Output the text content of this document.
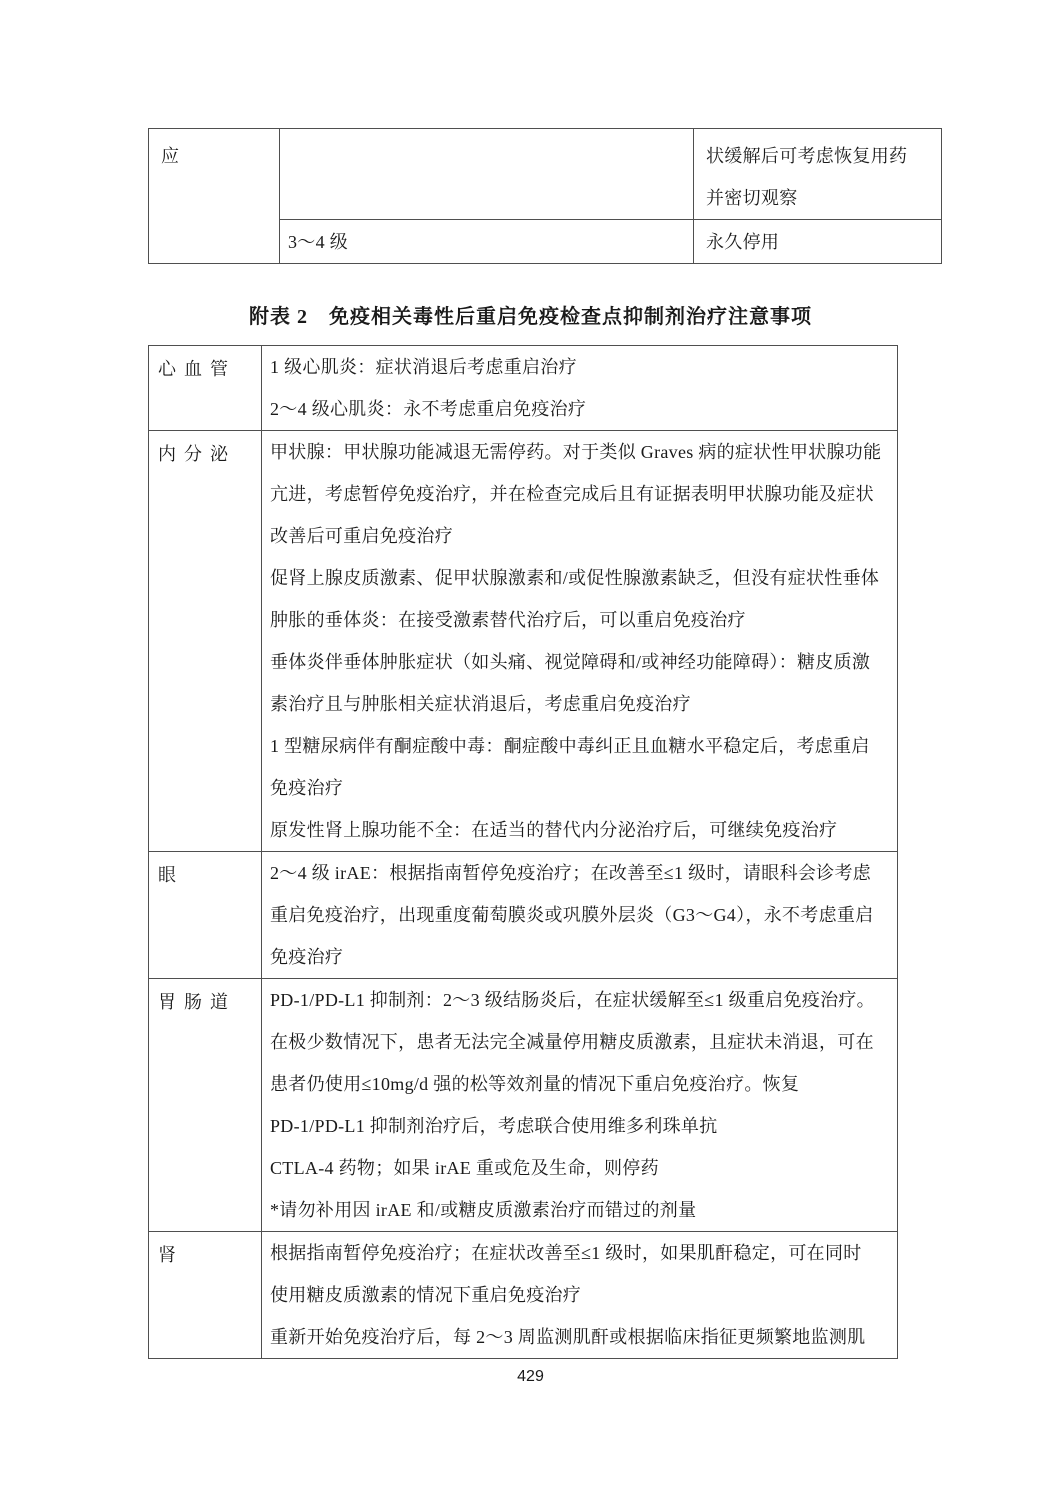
应		状缓解后可考虑恢复用药
并密切观察

	3～4 级	永久停用
附表 2　免疫相关毒性后重启免疫检查点抑制剂治疗注意事项
心血管	1 级心肌炎：症状消退后考虑重启治疗
2～4 级心肌炎：永不考虑重启免疫治疗

内分泌	甲状腺：甲状腺功能减退无需停药。对于类似 Graves 病的症状性甲状腺功能
亢进，考虑暂停免疫治疗，并在检查完成后且有证据表明甲状腺功能及症状
改善后可重启免疫治疗
促肾上腺皮质激素、促甲状腺激素和/或促性腺激素缺乏，但没有症状性垂体
肿胀的垂体炎：在接受激素替代治疗后，可以重启免疫治疗
垂体炎伴垂体肿胀症状（如头痛、视觉障碍和/或神经功能障碍）：糖皮质激
素治疗且与肿胀相关症状消退后，考虑重启免疫治疗
1 型糖尿病伴有酮症酸中毒：酮症酸中毒纠正且血糖水平稳定后，考虑重启
免疫治疗
原发性肾上腺功能不全：在适当的替代内分泌治疗后，可继续免疫治疗

眼	2～4 级 irAE：根据指南暂停免疫治疗；在改善至≤1 级时，请眼科会诊考虑
重启免疫治疗，出现重度葡萄膜炎或巩膜外层炎（G3～G4），永不考虑重启
免疫治疗

胃肠道	PD-1/PD-L1 抑制剂：2～3 级结肠炎后，在症状缓解至≤1 级重启免疫治疗。
在极少数情况下，患者无法完全减量停用糖皮质激素，且症状未消退，可在
患者仍使用≤10mg/d 强的松等效剂量的情况下重启免疫治疗。恢复
PD-1/PD-L1 抑制剂治疗后，考虑联合使用维多利珠单抗
CTLA-4 药物；如果 irAE 重或危及生命，则停药
*请勿补用因 irAE 和/或糖皮质激素治疗而错过的剂量

肾	根据指南暂停免疫治疗；在症状改善至≤1 级时，如果肌酐稳定，可在同时
使用糖皮质激素的情况下重启免疫治疗
重新开始免疫治疗后，每 2～3 周监测肌酐或根据临床指征更频繁地监测肌
429
